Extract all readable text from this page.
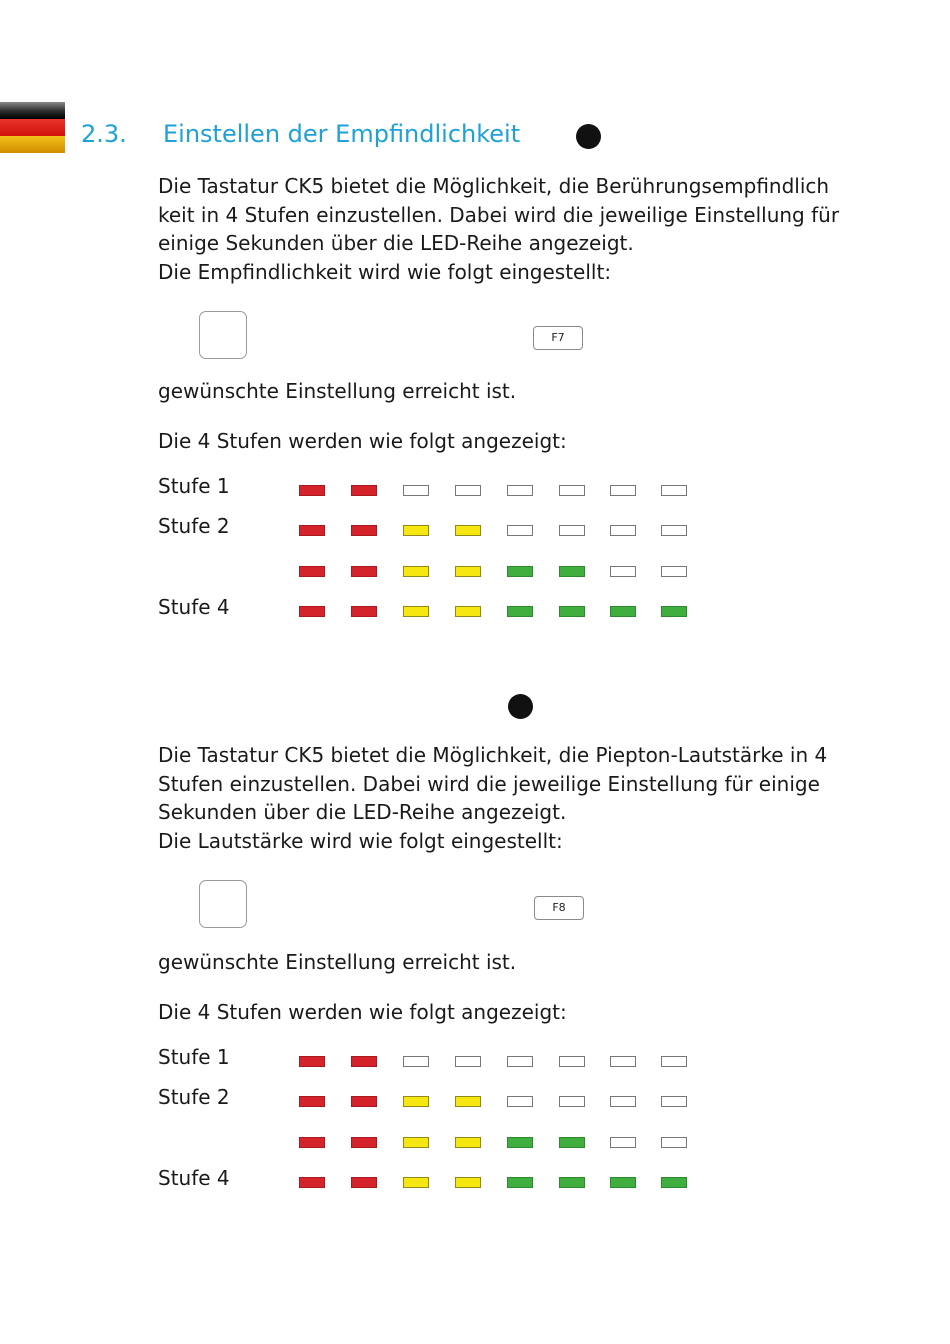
2.3. Einstellen der Empfindlichkeit
Die Tastatur CK5 bietet die Möglichkeit, die Berührungsempfindlich
keit in 4 Stufen einzustellen. Dabei wird die jeweilige Einstellung für
einige Sekunden über die LED-Reihe angezeigt.
Die Empfindlichkeit wird wie folgt eingestellt:
F7
gewünschte Einstellung erreicht ist.
Die 4 Stufen werden wie folgt angezeigt:
Stufe 1
Stufe 2
Stufe 4
Die Tastatur CK5 bietet die Möglichkeit, die Piepton-Lautstärke in 4
Stufen einzustellen. Dabei wird die jeweilige Einstellung für einige
Sekunden über die LED-Reihe angezeigt.
Die Lautstärke wird wie folgt eingestellt:
F8
gewünschte Einstellung erreicht ist.
Die 4 Stufen werden wie folgt angezeigt:
Stufe 1
Stufe 2
Stufe 4
